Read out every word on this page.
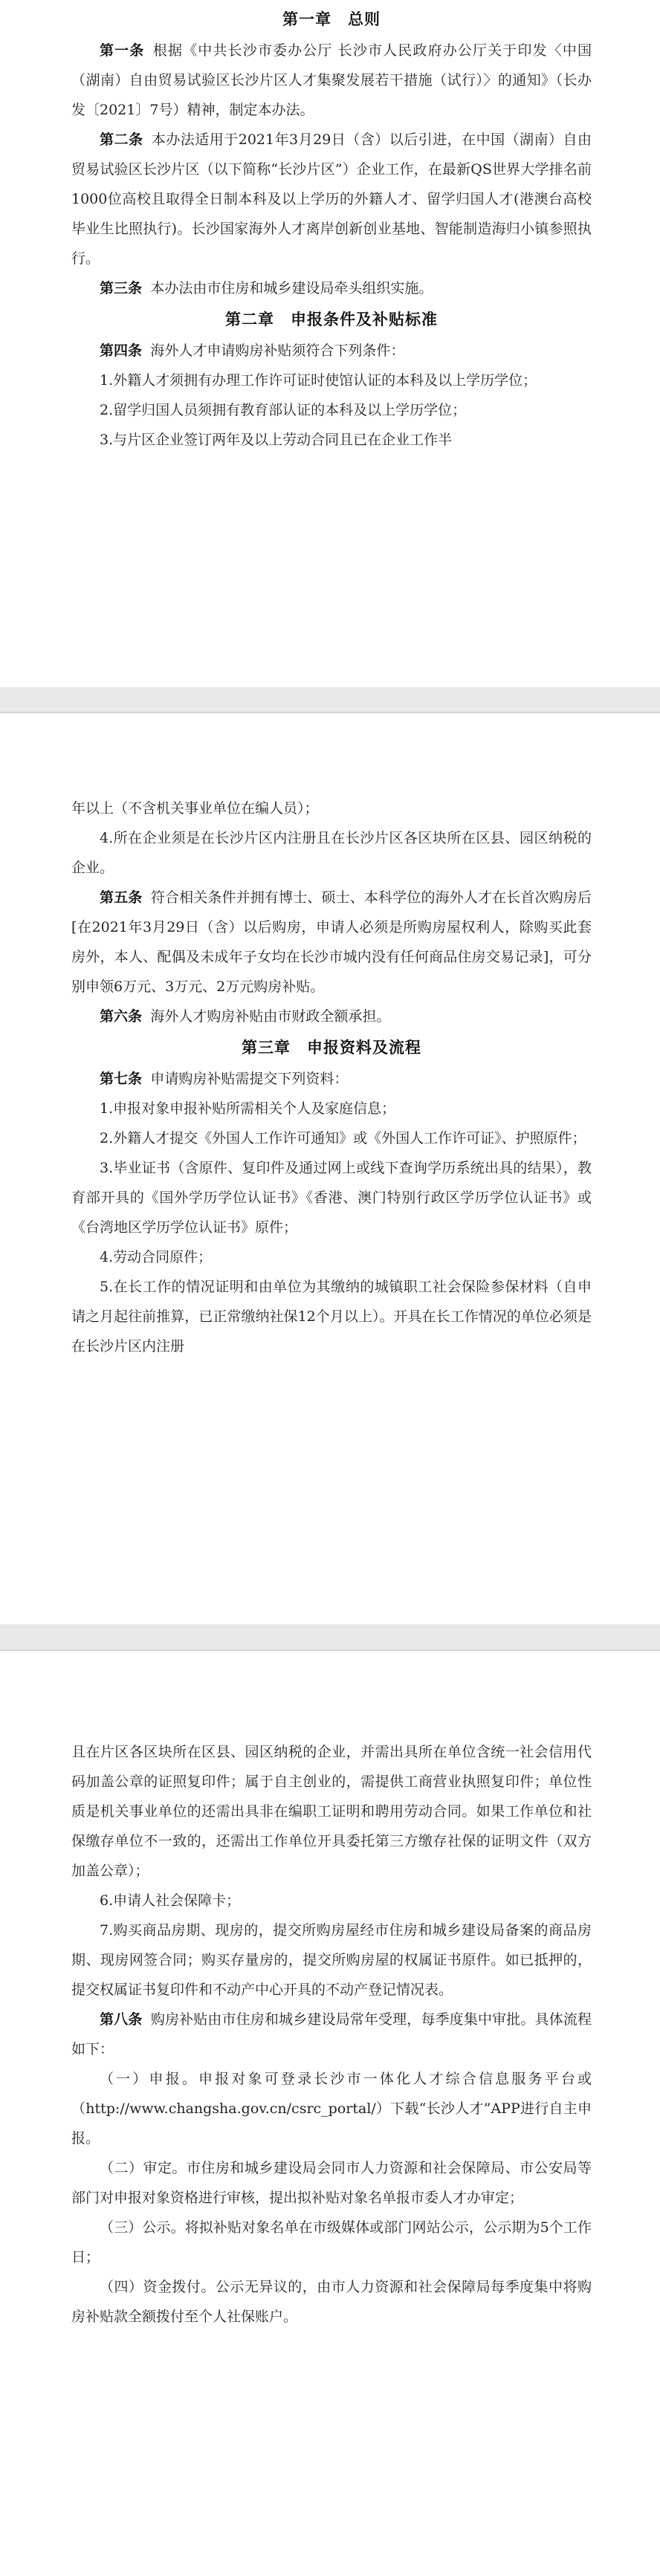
第一章　总则

第一条 根据《中共长沙市委办公厅 长沙市人民政府办公厅关于印发〈中国（湖南）自由贸易试验区长沙片区人才集聚发展若干措施（试行）〉的通知》（长办发〔2021〕7号）精神，制定本办法。

第二条 本办法适用于2021年3月29日（含）以后引进，在中国（湖南）自由贸易试验区长沙片区（以下简称“长沙片区”）企业工作，在最新QS世界大学排名前1000位高校且取得全日制本科及以上学历的外籍人才、留学归国人才(港澳台高校毕业生比照执行)。长沙国家海外人才离岸创新创业基地、智能制造海归小镇参照执行。

第三条 本办法由市住房和城乡建设局牵头组织实施。

第二章　申报条件及补贴标准

第四条 海外人才申请购房补贴须符合下列条件：

1.外籍人才须拥有办理工作许可证时使馆认证的本科及以上学历学位；

2.留学归国人员须拥有教育部认证的本科及以上学历学位；

3.与片区企业签订两年及以上劳动合同且已在企业工作半

年以上（不含机关事业单位在编人员）；

4.所在企业须是在长沙片区内注册且在长沙片区各区块所在区县、园区纳税的企业。

第五条 符合相关条件并拥有博士、硕士、本科学位的海外人才在长首次购房后[在2021年3月29日（含）以后购房，申请人必须是所购房屋权利人，除购买此套房外，本人、配偶及未成年子女均在长沙市城内没有任何商品住房交易记录]，可分别申领6万元、3万元、2万元购房补贴。

第六条 海外人才购房补贴由市财政全额承担。

第三章　申报资料及流程

第七条 申请购房补贴需提交下列资料：

1.申报对象申报补贴所需相关个人及家庭信息；

2.外籍人才提交《外国人工作许可通知》或《外国人工作许可证》、护照原件；

3.毕业证书（含原件、复印件及通过网上或线下查询学历系统出具的结果），教育部开具的《国外学历学位认证书》《香港、澳门特别行政区学历学位认证书》或《台湾地区学历学位认证书》原件；

4.劳动合同原件；

5.在长工作的情况证明和由单位为其缴纳的城镇职工社会保险参保材料（自申请之月起往前推算，已正常缴纳社保12个月以上）。开具在长工作情况的单位必须是在长沙片区内注册

且在片区各区块所在区县、园区纳税的企业，并需出具所在单位含统一社会信用代码加盖公章的证照复印件；属于自主创业的，需提供工商营业执照复印件；单位性质是机关事业单位的还需出具非在编职工证明和聘用劳动合同。如果工作单位和社保缴存单位不一致的，还需出工作单位开具委托第三方缴存社保的证明文件（双方加盖公章）；

6.申请人社会保障卡；

7.购买商品房期、现房的，提交所购房屋经市住房和城乡建设局备案的商品房期、现房网签合同；购买存量房的，提交所购房屋的权属证书原件。如已抵押的，提交权属证书复印件和不动产中心开具的不动产登记情况表。

第八条 购房补贴由市住房和城乡建设局常年受理，每季度集中审批。具体流程如下：

（一）申报。申报对象可登录长沙市一体化人才综合信息服务平台或（http://www.changsha.gov.cn/csrc_portal/）下载“长沙人才”APP进行自主申报。

（二）审定。市住房和城乡建设局会同市人力资源和社会保障局、市公安局等部门对申报对象资格进行审核，提出拟补贴对象名单报市委人才办审定；

（三）公示。将拟补贴对象名单在市级媒体或部门网站公示，公示期为5个工作日；

（四）资金拨付。公示无异议的，由市人力资源和社会保障局每季度集中将购房补贴款全额拨付至个人社保账户。
